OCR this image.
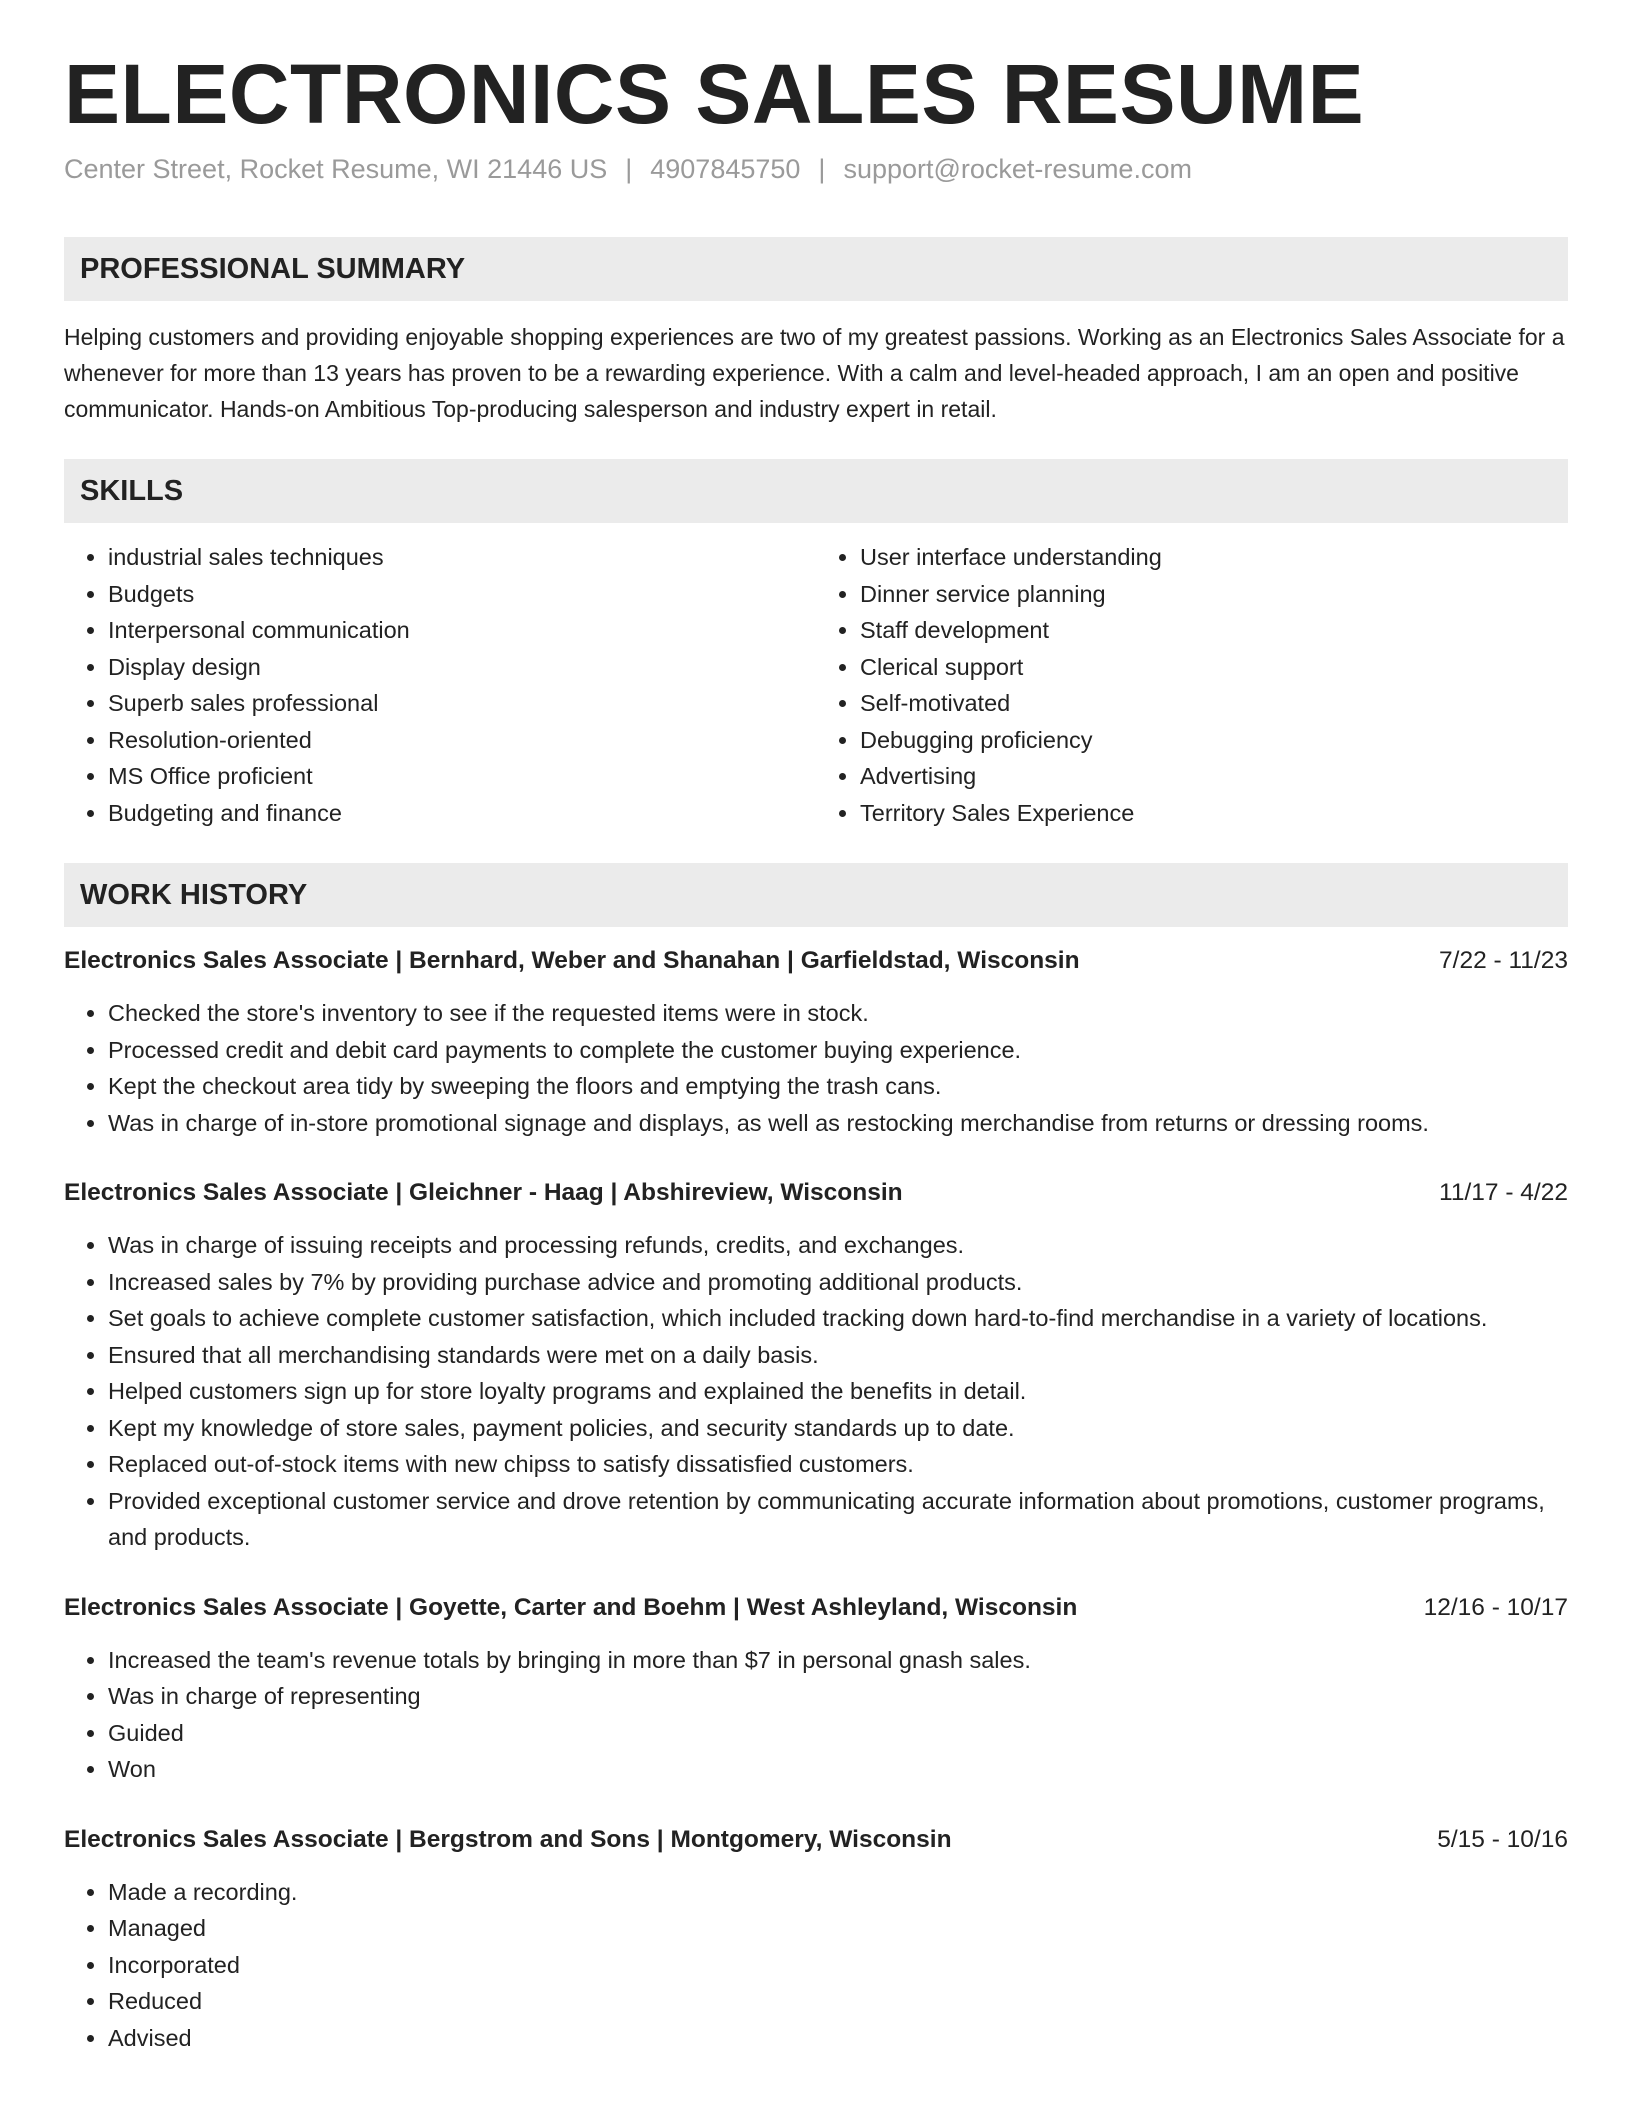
ELECTRONICS SALES RESUME
Center Street, Rocket Resume, WI 21446 US | 4907845750 | support@rocket-resume.com
PROFESSIONAL SUMMARY

Helping customers and providing enjoyable shopping experiences are two of my greatest passions. Working as an Electronics Sales Associate for a whenever for more than 13 years has proven to be a rewarding experience. With a calm and level-headed approach, I am an open and positive communicator. Hands-on Ambitious Top-producing salesperson and industry expert in retail.

SKILLS
• industrial sales techniques
• Budgets
• Interpersonal communication
• Display design
• Superb sales professional
• Resolution-oriented
• MS Office proficient
• Budgeting and finance
• User interface understanding
• Dinner service planning
• Staff development
• Clerical support
• Self-motivated
• Debugging proficiency
• Advertising
• Territory Sales Experience
WORK HISTORY
Electronics Sales Associate | Bernhard, Weber and Shanahan | Garfieldstad, Wisconsin	7/22 - 11/23
• Checked the store's inventory to see if the requested items were in stock.
• Processed credit and debit card payments to complete the customer buying experience.
• Kept the checkout area tidy by sweeping the floors and emptying the trash cans.
• Was in charge of in-store promotional signage and displays, as well as restocking merchandise from returns or dressing rooms.
Electronics Sales Associate | Gleichner - Haag | Abshireview, Wisconsin	11/17 - 4/22
• Was in charge of issuing receipts and processing refunds, credits, and exchanges.
• Increased sales by 7% by providing purchase advice and promoting additional products.
• Set goals to achieve complete customer satisfaction, which included tracking down hard-to-find merchandise in a variety of locations.
• Ensured that all merchandising standards were met on a daily basis.
• Helped customers sign up for store loyalty programs and explained the benefits in detail.
• Kept my knowledge of store sales, payment policies, and security standards up to date.
• Replaced out-of-stock items with new chipss to satisfy dissatisfied customers.
• Provided exceptional customer service and drove retention by communicating accurate information about promotions, customer programs, and products.
Electronics Sales Associate | Goyette, Carter and Boehm | West Ashleyland, Wisconsin	12/16 - 10/17
• Increased the team's revenue totals by bringing in more than $7 in personal gnash sales.
• Was in charge of representing
• Guided
• Won
Electronics Sales Associate | Bergstrom and Sons | Montgomery, Wisconsin	5/15 - 10/16
• Made a recording.
• Managed
• Incorporated
• Reduced
• Advised
